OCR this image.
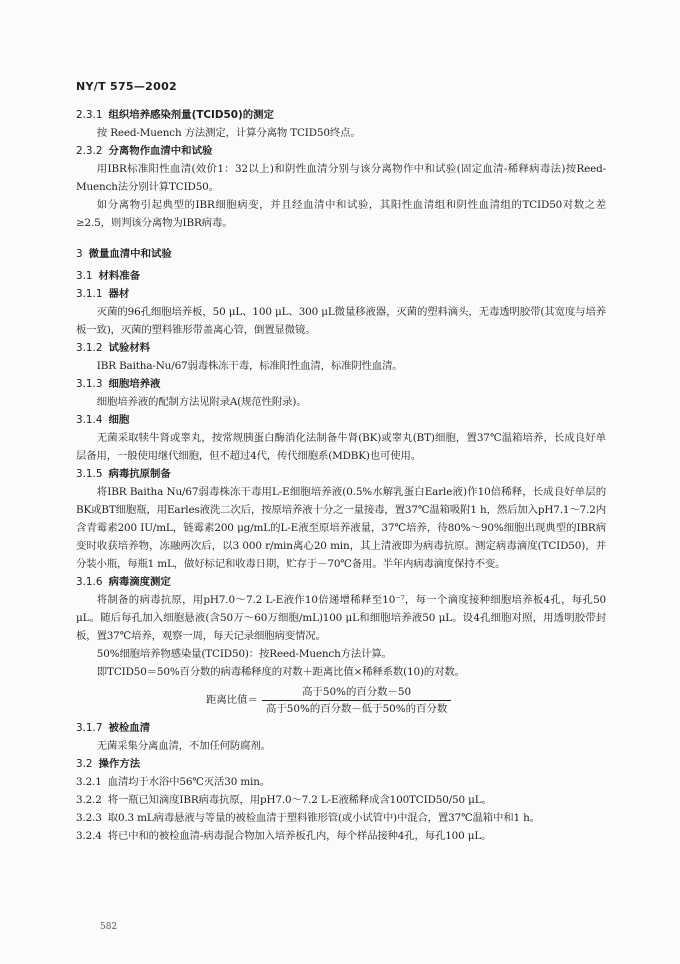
NY/T 575—2002
2.3.1 组织培养感染剂量(TCID50)的测定
按 Reed-Muench 方法测定，计算分离物 TCID50终点。
2.3.2 分离物作血清中和试验
用IBR标准阳性血清(效价1：32以上)和阴性血清分别与该分离物作中和试验(固定血清-稀释病毒法)按Reed-Muench法分别计算TCID50。
如分离物引起典型的IBR细胞病变，并且经血清中和试验，其阳性血清组和阴性血清组的TCID50对数之差≥2.5，则判该分离物为IBR病毒。
3 微量血清中和试验
3.1 材料准备
3.1.1 器材
灭菌的96孔细胞培养板，50 μL、100 μL、300 μL微量移液器，灭菌的塑料滴头，无毒透明胶带(其宽度与培养板一致)，灭菌的塑料锥形带盖离心管，倒置显微镜。
3.1.2 试验材料
IBR Baitha-Nu/67弱毒株冻干毒，标准阳性血清，标准阴性血清。
3.1.3 细胞培养液
细胞培养液的配制方法见附录A(规范性附录)。
3.1.4 细胞
无菌采取犊牛肾或睾丸，按常规胰蛋白酶消化法制备牛肾(BK)或睾丸(BT)细胞，置37℃温箱培养，长成良好单层备用，一般使用继代细胞，但不超过4代，传代细胞系(MDBK)也可使用。
3.1.5 病毒抗原制备
将IBR Baitha Nu/67弱毒株冻干毒用L-E细胞培养液(0.5%水解乳蛋白Earle液)作10倍稀释，长成良好单层的BK或BT细胞瓶，用Earles液洗二次后，按原培养液十分之一量接毒，置37℃温箱吸附1 h，然后加入pH7.1～7.2内含青霉素200 IU/mL，链霉素200 μg/mL的L-E液至原培养液量，37℃培养，待80%～90%细胞出现典型的IBR病变时收获培养物，冻融两次后，以3 000 r/min离心20 min，其上清液即为病毒抗原。测定病毒滴度(TCID50)，并分装小瓶，每瓶1 mL，做好标记和收毒日期，贮存于－70℃备用。半年内病毒滴度保持不变。
3.1.6 病毒滴度测定
将制备的病毒抗原，用pH7.0～7.2 L-E液作10倍递增稀释至10⁻⁷，每一个滴度接种细胞培养板4孔，每孔50 μL。随后每孔加入细胞悬液(含50万～60万细胞/mL)100 μL和细胞培养液50 μL。设4孔细胞对照，用透明胶带封板，置37℃培养，观察一周，每天记录细胞病变情况。
50%细胞培养物感染量(TCID50)：按Reed-Muench方法计算。
即TCID50＝50%百分数的病毒稀释度的对数＋距离比值×稀释系数(10)的对数。
距离比值＝ $\frac{\text{高于50\%的百分数－50}}{\text{高于50\%的百分数－低于50\%的百分数}}$
3.1.7 被检血清
无菌采集分离血清，不加任何防腐剂。
3.2 操作方法
3.2.1 血清均于水浴中56℃灭活30 min。
3.2.2 将一瓶已知滴度IBR病毒抗原，用pH7.0～7.2 L-E液稀释成含100TCID50/50 μL。
3.2.3 取0.3 mL病毒悬液与等量的被检血清于塑料锥形管(或小试管中)中混合，置37℃温箱中和1 h。
3.2.4 将已中和的被检血清-病毒混合物加入培养板孔内，每个样品接种4孔，每孔100 μL。
582
